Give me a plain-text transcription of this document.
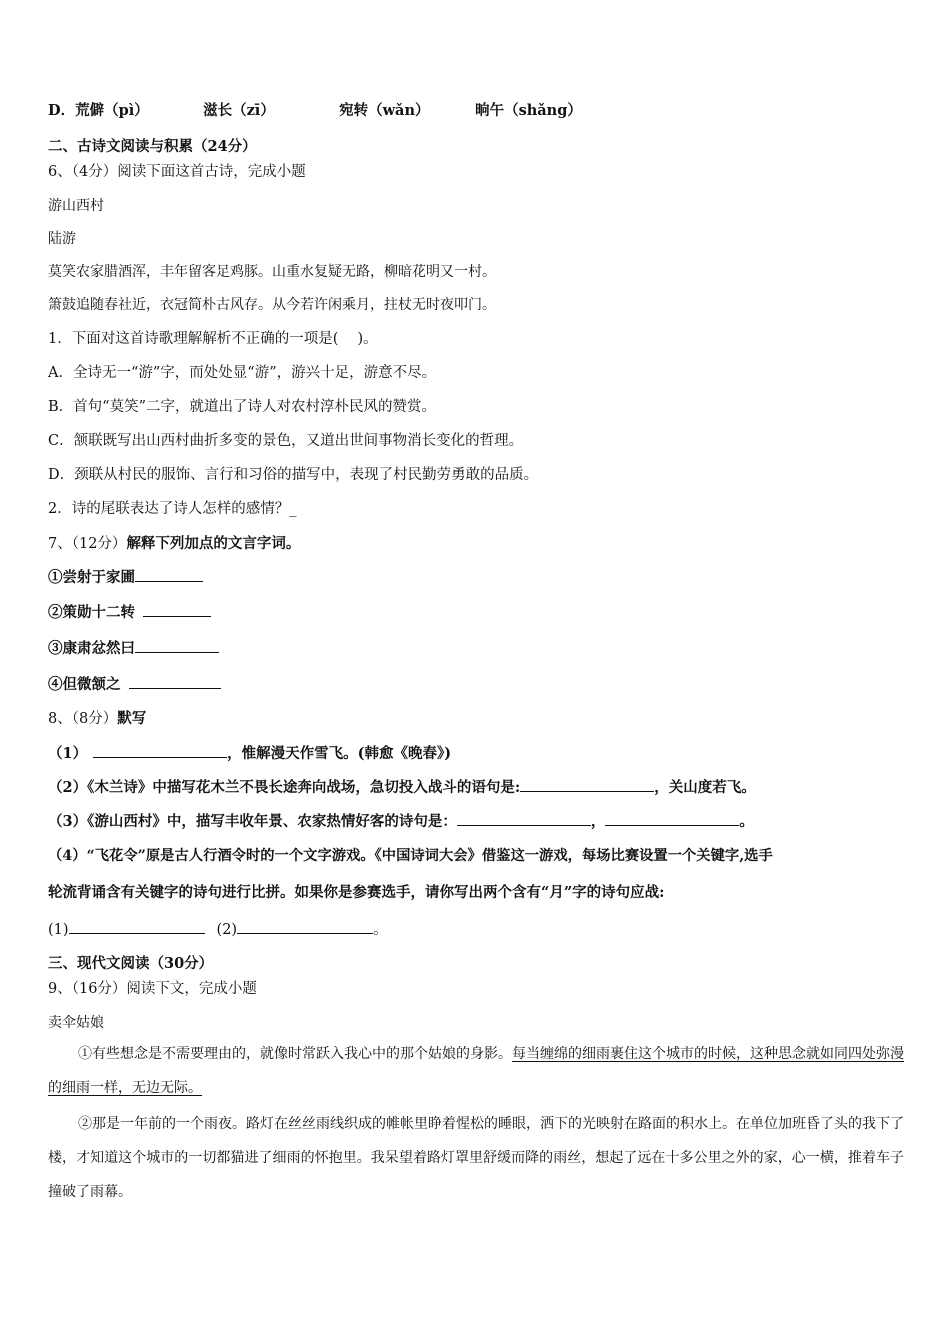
D．荒僻（pì）	滋长（zī）	宛转（wǎn）	晌午（shǎng）
二、古诗文阅读与积累（24分）
6、（4分）阅读下面这首古诗，完成小题
游山西村
陆游
莫笑农家腊酒浑，丰年留客足鸡豚。山重水复疑无路，柳暗花明又一村。
箫鼓追随春社近，衣冠简朴古风存。从今若许闲乘月，拄杖无时夜叩门。
1．下面对这首诗歌理解解析不正确的一项是(　 )。
A．全诗无一“游”字，而处处显“游”，游兴十足，游意不尽。
B．首句“莫笑”二字，就道出了诗人对农村淳朴民风的赞赏。
C．颔联既写出山西村曲折多变的景色，又道出世间事物消长变化的哲理。
D．颈联从村民的服饰、言行和习俗的描写中，表现了村民勤劳勇敢的品质。
2．诗的尾联表达了诗人怎样的感情？_
7、（12分）解释下列加点的文言字词。
①尝射于家圃
②策勋十二转
③康肃忿然曰
④但微颔之
8、（8分）默写
（1）	，惟解漫天作雪飞。(韩愈《晚春》)
（2）《木兰诗》中描写花木兰不畏长途奔向战场，急切投入战斗的语句是:	，关山度若飞。
（3）《游山西村》中，描写丰收年景、农家热情好客的诗句是：	，	。
（4）“飞花令”原是古人行酒令时的一个文字游戏。《中国诗词大会》借鉴这一游戏，每场比赛设置一个关键字,选手
轮流背诵含有关键字的诗句进行比拼。如果你是参赛选手，请你写出两个含有“月”字的诗句应战:
(1)	(2)	。
三、现代文阅读（30分）
9、（16分）阅读下文，完成小题
卖伞姑娘
①有些想念是不需要理由的，就像时常跃入我心中的那个姑娘的身影。每当缠绵的细雨裹住这个城市的时候，这种思念就如同四处弥漫的细雨一样，无边无际。
②那是一年前的一个雨夜。路灯在丝丝雨线织成的帷帐里睁着惺松的睡眼，洒下的光映射在路面的积水上。在单位加班昏了头的我下了楼，才知道这个城市的一切都猫进了细雨的怀抱里。我呆望着路灯罩里舒缓而降的雨丝，想起了远在十多公里之外的家，心一横，推着车子撞破了雨幕。
